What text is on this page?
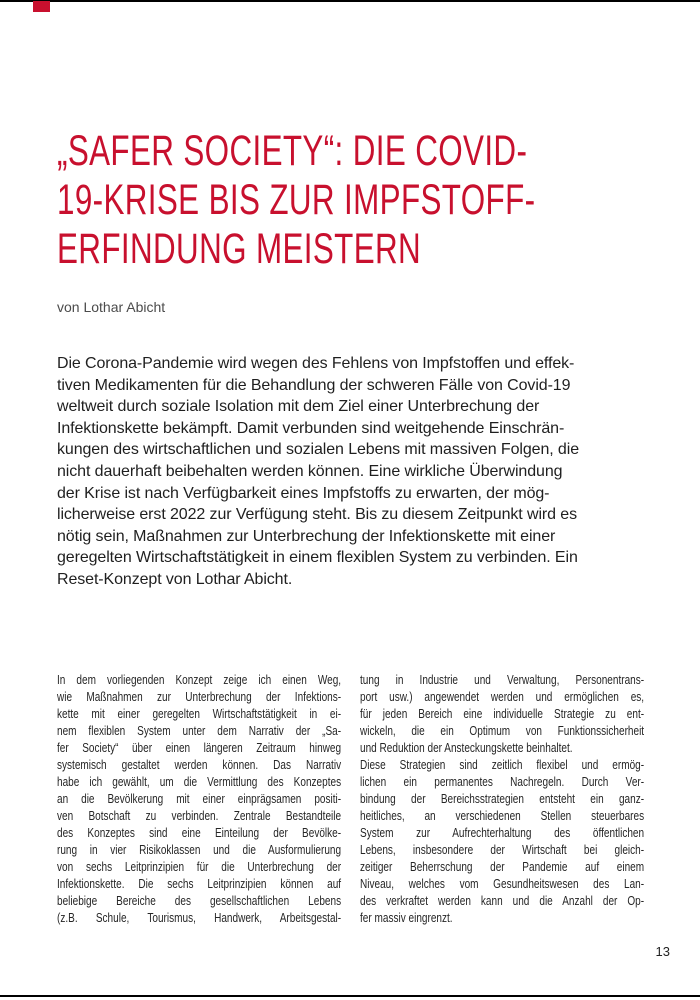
„SAFER SOCIETY“: DIE COVID-
19-KRISE BIS ZUR IMPFSTOFF-
ERFINDUNG MEISTERN
von Lothar Abicht
Die Corona-Pandemie wird wegen des Fehlens von Impfstoffen und effek-
tiven Medikamenten für die Behandlung der schweren Fälle von Covid-19
weltweit durch soziale Isolation mit dem Ziel einer Unterbrechung der
Infektionskette bekämpft. Damit verbunden sind weitgehende Einschrän-
kungen des wirtschaftlichen und sozialen Lebens mit massiven Folgen, die
nicht dauerhaft beibehalten werden können. Eine wirkliche Überwindung
der Krise ist nach Verfügbarkeit eines Impfstoffs zu erwarten, der mög-
licherweise erst 2022 zur Verfügung steht. Bis zu diesem Zeitpunkt wird es
nötig sein, Maßnahmen zur Unterbrechung der Infektionskette mit einer
geregelten Wirtschaftstätigkeit in einem flexiblen System zu verbinden. Ein
Reset-Konzept von Lothar Abicht.
In dem vorliegenden Konzept zeige ich einen Weg,
wie Maßnahmen zur Unterbrechung der Infektions-
kette mit einer geregelten Wirtschaftstätigkeit in ei-
nem flexiblen System unter dem Narrativ der „Sa-
fer Society“ über einen längeren Zeitraum hinweg
systemisch gestaltet werden können. Das Narrativ
habe ich gewählt, um die Vermittlung des Konzeptes
an die Bevölkerung mit einer einprägsamen positi-
ven Botschaft zu verbinden. Zentrale Bestandteile
des Konzeptes sind eine Einteilung der Bevölke-
rung in vier Risikoklassen und die Ausformulierung
von sechs Leitprinzipien für die Unterbrechung der
Infektionskette. Die sechs Leitprinzipien können auf
beliebige Bereiche des gesellschaftlichen Lebens
(z.B. Schule, Tourismus, Handwerk, Arbeitsgestal-
tung in Industrie und Verwaltung, Personentrans-
port usw.) angewendet werden und ermöglichen es,
für jeden Bereich eine individuelle Strategie zu ent-
wickeln, die ein Optimum von Funktionssicherheit
und Reduktion der Ansteckungskette beinhaltet.
Diese Strategien sind zeitlich flexibel und ermög-
lichen ein permanentes Nachregeln. Durch Ver-
bindung der Bereichsstrategien entsteht ein ganz-
heitliches, an verschiedenen Stellen steuerbares
System zur Aufrechterhaltung des öffentlichen
Lebens, insbesondere der Wirtschaft bei gleich-
zeitiger Beherrschung der Pandemie auf einem
Niveau, welches vom Gesundheitswesen des Lan-
des verkraftet werden kann und die Anzahl der Op-
fer massiv eingrenzt.
13
